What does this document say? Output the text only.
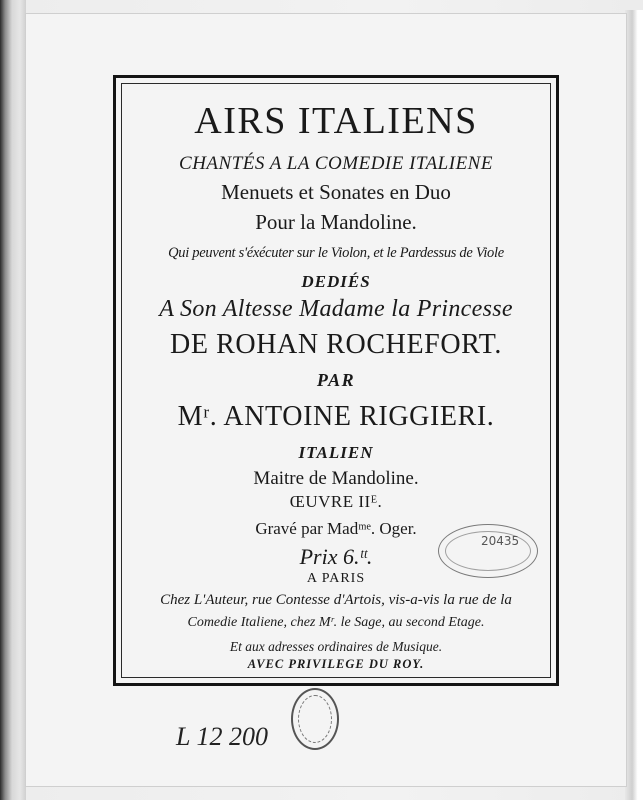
AIRS ITALIENS
CHANTÉS A LA COMEDIE ITALIENE
Menuets et Sonates en Duo
Pour la Mandoline.
Qui peuvent s'éxécuter sur le Violon, et le Pardessus de Viole
DEDIÉS
A Son Altesse Madame la Princesse
DE ROHAN ROCHEFORT.
PAR
Mʳ. ANTOINE RIGGIERI.
ITALIEN
Maitre de Mandoline.
ŒUVRE IIᴱ.
Gravé par Madᵐᵉ. Oger.
Prix 6.ᵗᵗ.
A PARIS
Chez L'Auteur, rue Contesse d'Artois, vis-a-vis la rue de la
Comedie Italiene, chez Mʳ. le Sage, au second Etage.
Et aux adresses ordinaires de Musique.
AVEC PRIVILEGE DU ROY.
20435
L 12 200
